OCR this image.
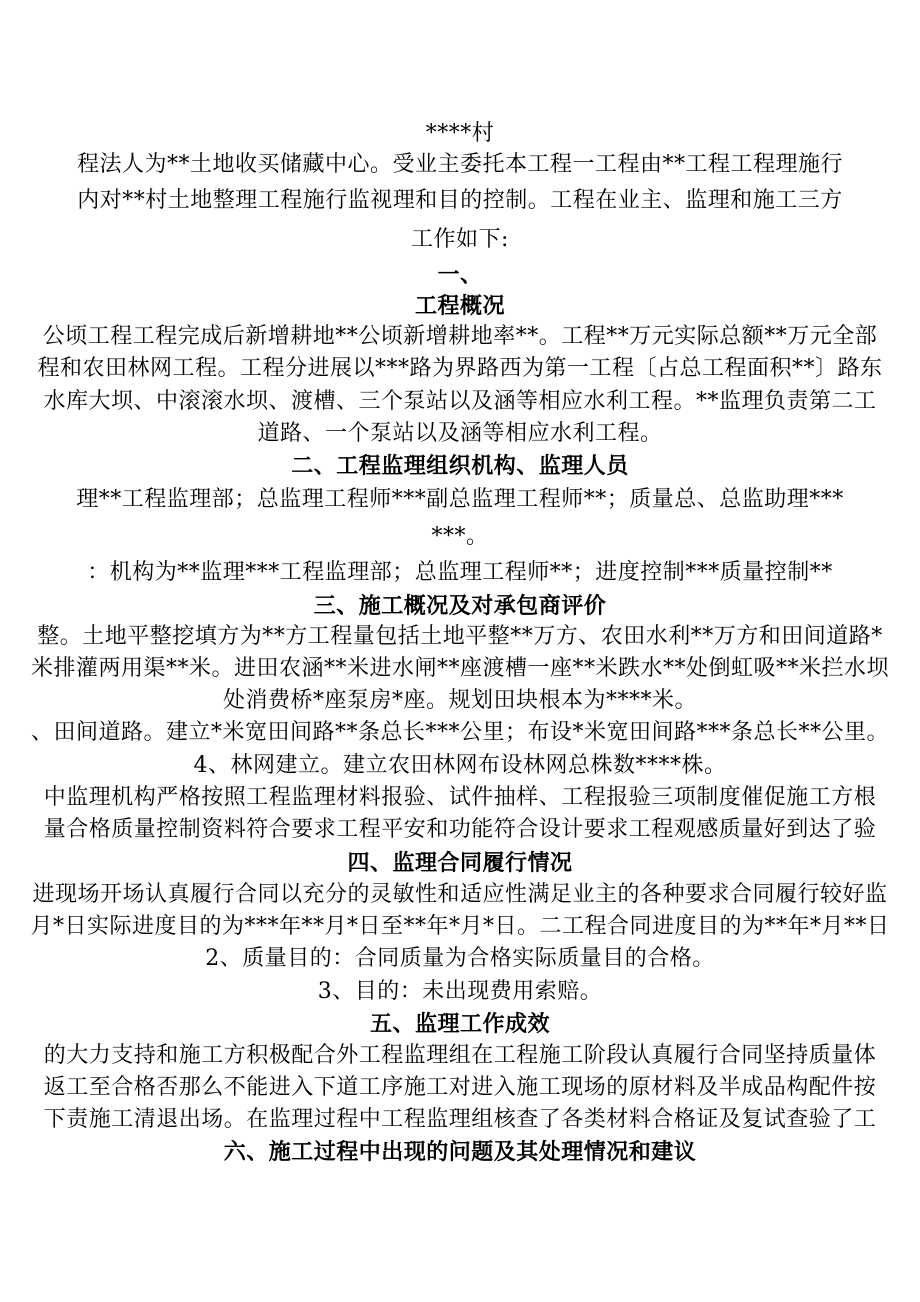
****村
程法人为**土地收买储藏中心。受业主委托本工程一工程由**工程工程理施行
内对**村土地整理工程施行监视理和目的控制。工程在业主、监理和施工三方
工作如下:
一、
工程概况
公顷工程工程完成后新增耕地**公顷新增耕地率**。工程**万元实际总额**万元全部
程和农田林网工程。工程分进展以***路为界路西为第一工程〔占总工程面积**〕路东
水库大坝、中滚滚水坝、渡槽、三个泵站以及涵等相应水利工程。**监理负责第二工
道路、一个泵站以及涵等相应水利工程。
二、工程监理组织机构、监理人员
理**工程监理部；总监理工程师***副总监理工程师**；质量总、总监助理***
***。
：机构为**监理***工程监理部；总监理工程师**；进度控制***质量控制**
三、施工概况及对承包商评价
整。土地平整挖填方为**方工程量包括土地平整**万方、农田水利**万方和田间道路*
米排灌两用渠**米。进田农涵**米进水闸**座渡槽一座**米跌水**处倒虹吸**米拦水坝
处消费桥*座泵房*座。规划田块根本为****米。
、田间道路。建立*米宽田间路**条总长***公里；布设*米宽田间路***条总长**公里。
4、林网建立。建立农田林网布设林网总株数****株。
中监理机构严格按照工程监理材料报验、试件抽样、工程报验三项制度催促施工方根
量合格质量控制资料符合要求工程平安和功能符合设计要求工程观感质量好到达了验
四、监理合同履行情况
进现场开场认真履行合同以充分的灵敏性和适应性满足业主的各种要求合同履行较好监
月*日实际进度目的为***年**月*日至**年*月*日。二工程合同进度目的为**年*月**日
2、质量目的：合同质量为合格实际质量目的合格。
3、目的：未出现费用索赔。
五、监理工作成效
的大力支持和施工方积极配合外工程监理组在工程施工阶段认真履行合同坚持质量体
返工至合格否那么不能进入下道工序施工对进入施工现场的原材料及半成品构配件按
下责施工清退出场。在监理过程中工程监理组核查了各类材料合格证及复试查验了工
六、施工过程中出现的问题及其处理情况和建议
